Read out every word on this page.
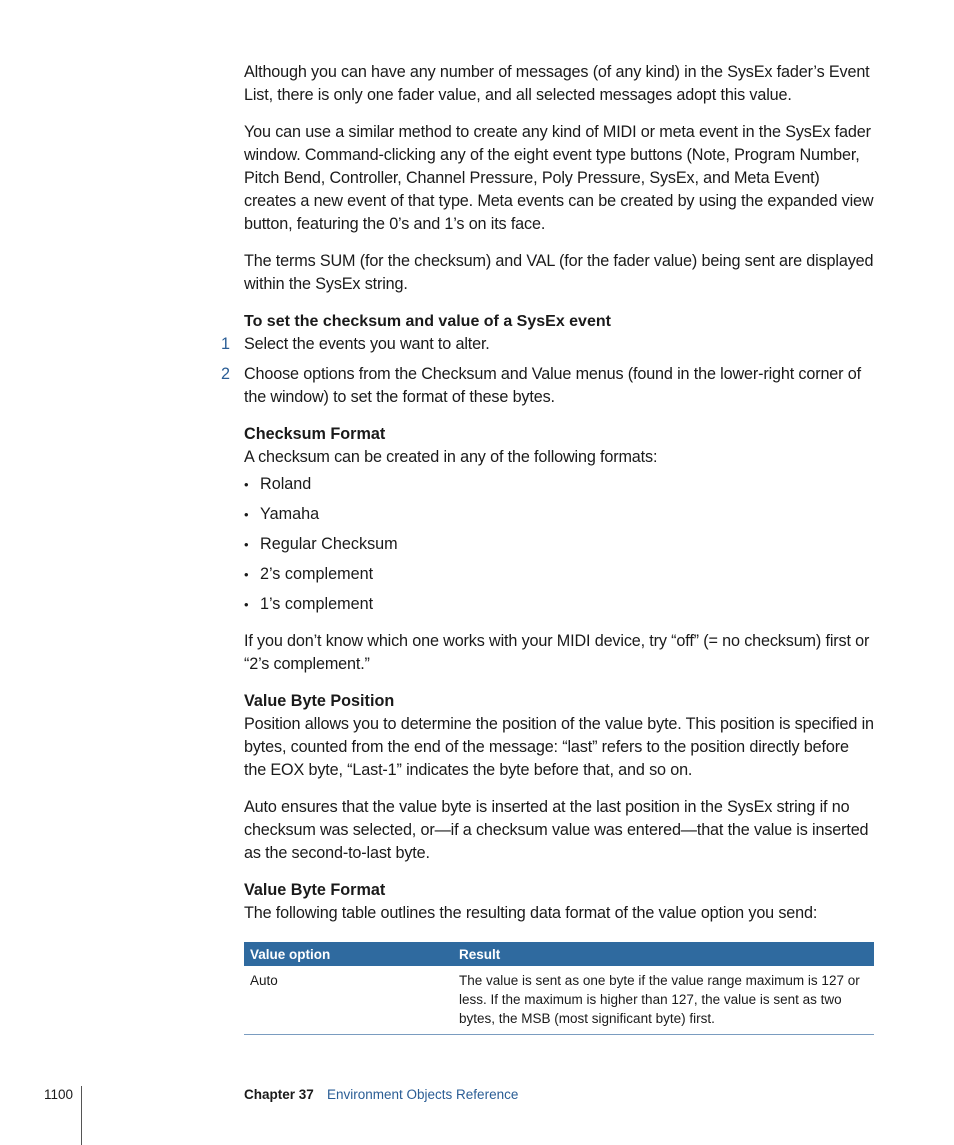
Although you can have any number of messages (of any kind) in the SysEx fader’s Event List, there is only one fader value, and all selected messages adopt this value.

You can use a similar method to create any kind of MIDI or meta event in the SysEx fader window. Command-clicking any of the eight event type buttons (Note, Program Number, Pitch Bend, Controller, Channel Pressure, Poly Pressure, SysEx, and Meta Event) creates a new event of that type. Meta events can be created by using the expanded view button, featuring the 0’s and 1’s on its face.

The terms SUM (for the checksum) and VAL (for the fader value) being sent are displayed within the SysEx string.

To set the checksum and value of a SysEx event
1 Select the events you want to alter.
2 Choose options from the Checksum and Value menus (found in the lower-right corner of the window) to set the format of these bytes.
Checksum Format

A checksum can be created in any of the following formats:

• Roland
• Yamaha
• Regular Checksum
• 2’s complement
• 1’s complement

If you don’t know which one works with your MIDI device, try “off” (= no checksum) first or “2’s complement.”

Value Byte Position

Position allows you to determine the position of the value byte. This position is specified in bytes, counted from the end of the message: “last” refers to the position directly before the EOX byte, “Last-1” indicates the byte before that, and so on.

Auto ensures that the value byte is inserted at the last position in the SysEx string if no checksum was selected, or—if a checksum value was entered—that the value is inserted as the second-to-last byte.

Value Byte Format

The following table outlines the resulting data format of the value option you send:

Value option	Result
Auto	The value is sent as one byte if the value range maximum is 127 or less. If the maximum is higher than 127, the value is sent as two bytes, the MSB (most significant byte) first.
1100	Chapter 37 Environment Objects Reference
